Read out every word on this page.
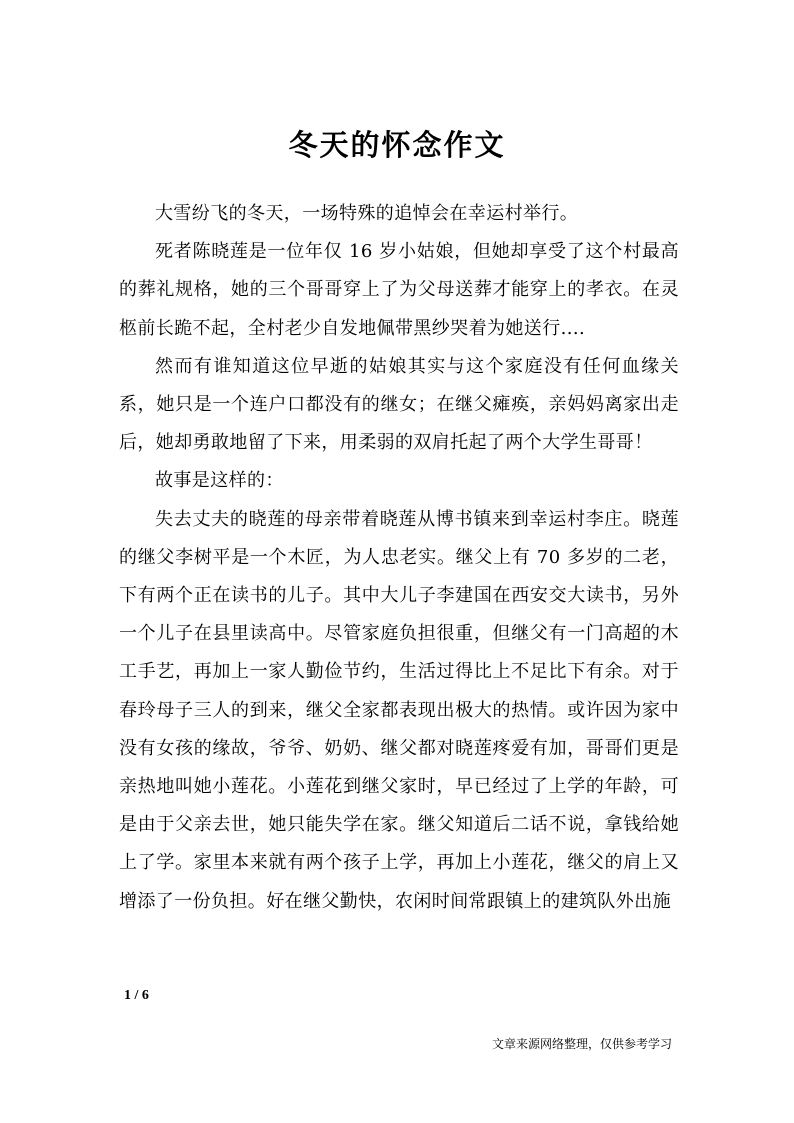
冬天的怀念作文

大雪纷飞的冬天，一场特殊的追悼会在幸运村举行。

死者陈晓莲是一位年仅 16 岁小姑娘，但她却享受了这个村最高的葬礼规格，她的三个哥哥穿上了为父母送葬才能穿上的孝衣。在灵柩前长跪不起，全村老少自发地佩带黑纱哭着为她送行....

然而有谁知道这位早逝的姑娘其实与这个家庭没有任何血缘关系，她只是一个连户口都没有的继女；在继父瘫痪，亲妈妈离家出走后，她却勇敢地留了下来，用柔弱的双肩托起了两个大学生哥哥！

故事是这样的：

失去丈夫的晓莲的母亲带着晓莲从博书镇来到幸运村李庄。晓莲的继父李树平是一个木匠，为人忠老实。继父上有 70 多岁的二老，下有两个正在读书的儿子。其中大儿子李建国在西安交大读书，另外一个儿子在县里读高中。尽管家庭负担很重，但继父有一门高超的木工手艺，再加上一家人勤俭节约，生活过得比上不足比下有余。对于春玲母子三人的到来，继父全家都表现出极大的热情。或许因为家中没有女孩的缘故，爷爷、奶奶、继父都对晓莲疼爱有加，哥哥们更是亲热地叫她小莲花。小莲花到继父家时，早已经过了上学的年龄，可是由于父亲去世，她只能失学在家。继父知道后二话不说，拿钱给她上了学。家里本来就有两个孩子上学，再加上小莲花，继父的肩上又增添了一份负担。好在继父勤快，农闲时间常跟镇上的建筑队外出施

1 / 6
文章来源网络整理，仅供参考学习
